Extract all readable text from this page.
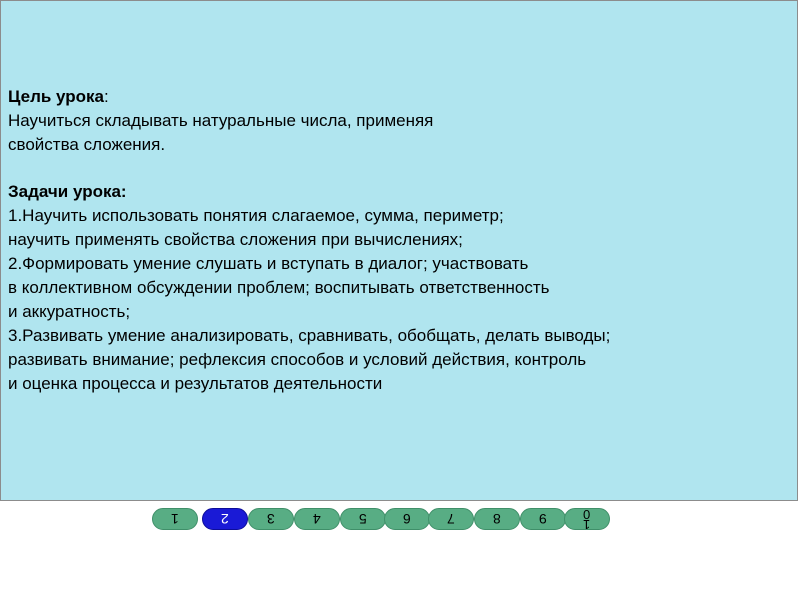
Цель урока:
Научиться складывать натуральные числа, применяя
свойства сложения.
Задачи урока:
1.Научить использовать понятия слагаемое, сумма, периметр;
научить применять свойства сложения при вычислениях;
2.Формировать умение слушать и вступать в диалог; участвовать
в коллективном обсуждении проблем; воспитывать ответственность
и аккуратность;
3.Развивать умение анализировать, сравнивать, обобщать, делать выводы;
развивать внимание; рефлексия способов и условий действия, контроль
и оценка процесса и результатов деятельности
1	2	3	4	5	6	7	8	9	1
0
